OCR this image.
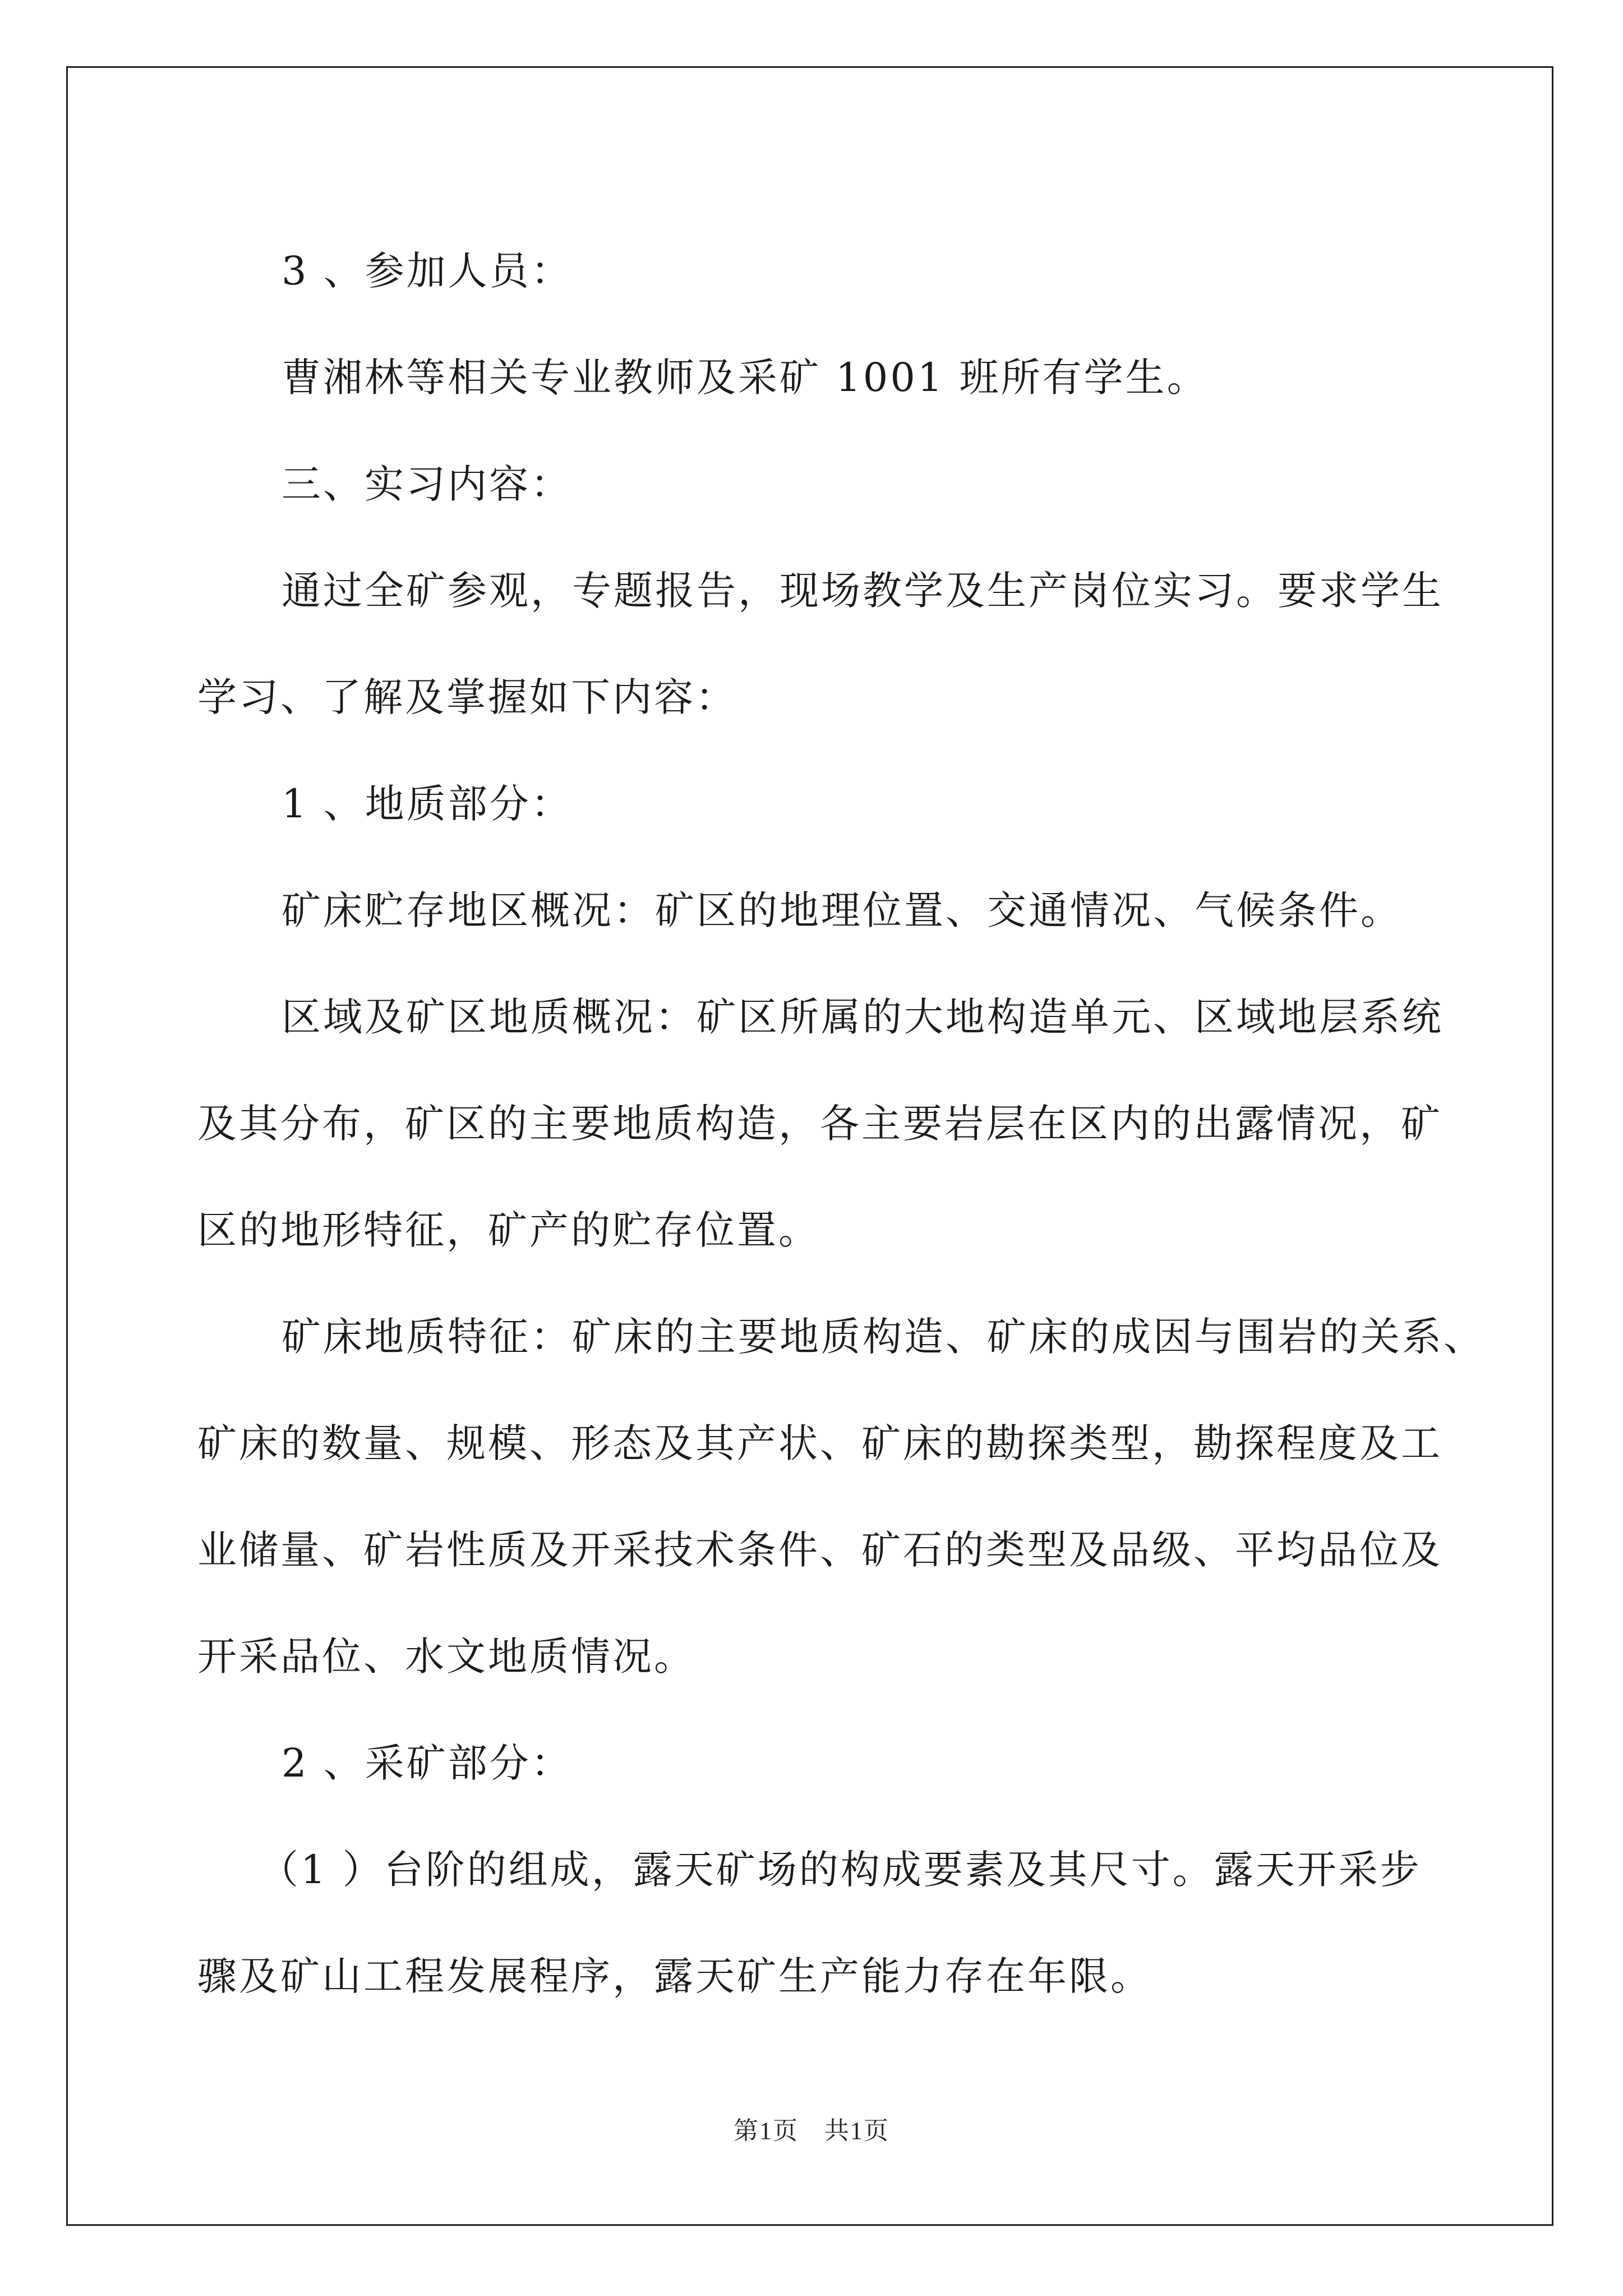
3 、参加人员：

曹湘林等相关专业教师及采矿 1001 班所有学生。

三、实习内容：

通过全矿参观，专题报告，现场教学及生产岗位实习。要求学生

学习、了解及掌握如下内容：

1 、地质部分：

矿床贮存地区概况：矿区的地理位置、交通情况、气候条件。

区域及矿区地质概况：矿区所属的大地构造单元、区域地层系统

及其分布，矿区的主要地质构造，各主要岩层在区内的出露情况，矿

区的地形特征，矿产的贮存位置。

矿床地质特征：矿床的主要地质构造、矿床的成因与围岩的关系、

矿床的数量、规模、形态及其产状、矿床的勘探类型，勘探程度及工

业储量、矿岩性质及开采技术条件、矿石的类型及品级、平均品位及

开采品位、水文地质情况。

2 、采矿部分：

（1 ）台阶的组成，露天矿场的构成要素及其尺寸。露天开采步

骤及矿山工程发展程序，露天矿生产能力存在年限。

第1页　共1页
